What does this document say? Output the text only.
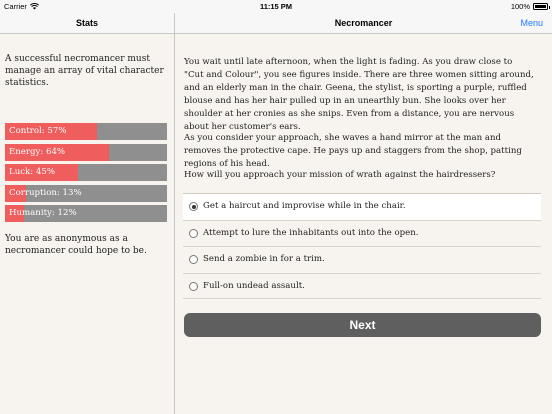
Carrier	11:15 PM	100%
Stats	Necromancer	Menu
A successful necromancer must manage an array of vital character statistics.
Control: 57%
Energy: 64%
Luck: 45%
Corruption: 13%
Humanity: 12%
You are as anonymous as a necromancer could hope to be.

You wait until late afternoon, when the light is fading. As you draw close to "Cut and Colour", you see figures inside. There are three women sitting around, and an elderly man in the chair. Geena, the stylist, is sporting a purple, ruffled blouse and has her hair pulled up in an unearthly bun. She looks over her shoulder at her cronies as she snips. Even from a distance, you are nervous about her customer's ears.

As you consider your approach, she waves a hand mirror at the man and removes the protective cape. He pays up and staggers from the shop, patting regions of his head.

How will you approach your mission of wrath against the hairdressers?

Get a haircut and improvise while in the chair.
Attempt to lure the inhabitants out into the open.
Send a zombie in for a trim.
Full-on undead assault.
Next
